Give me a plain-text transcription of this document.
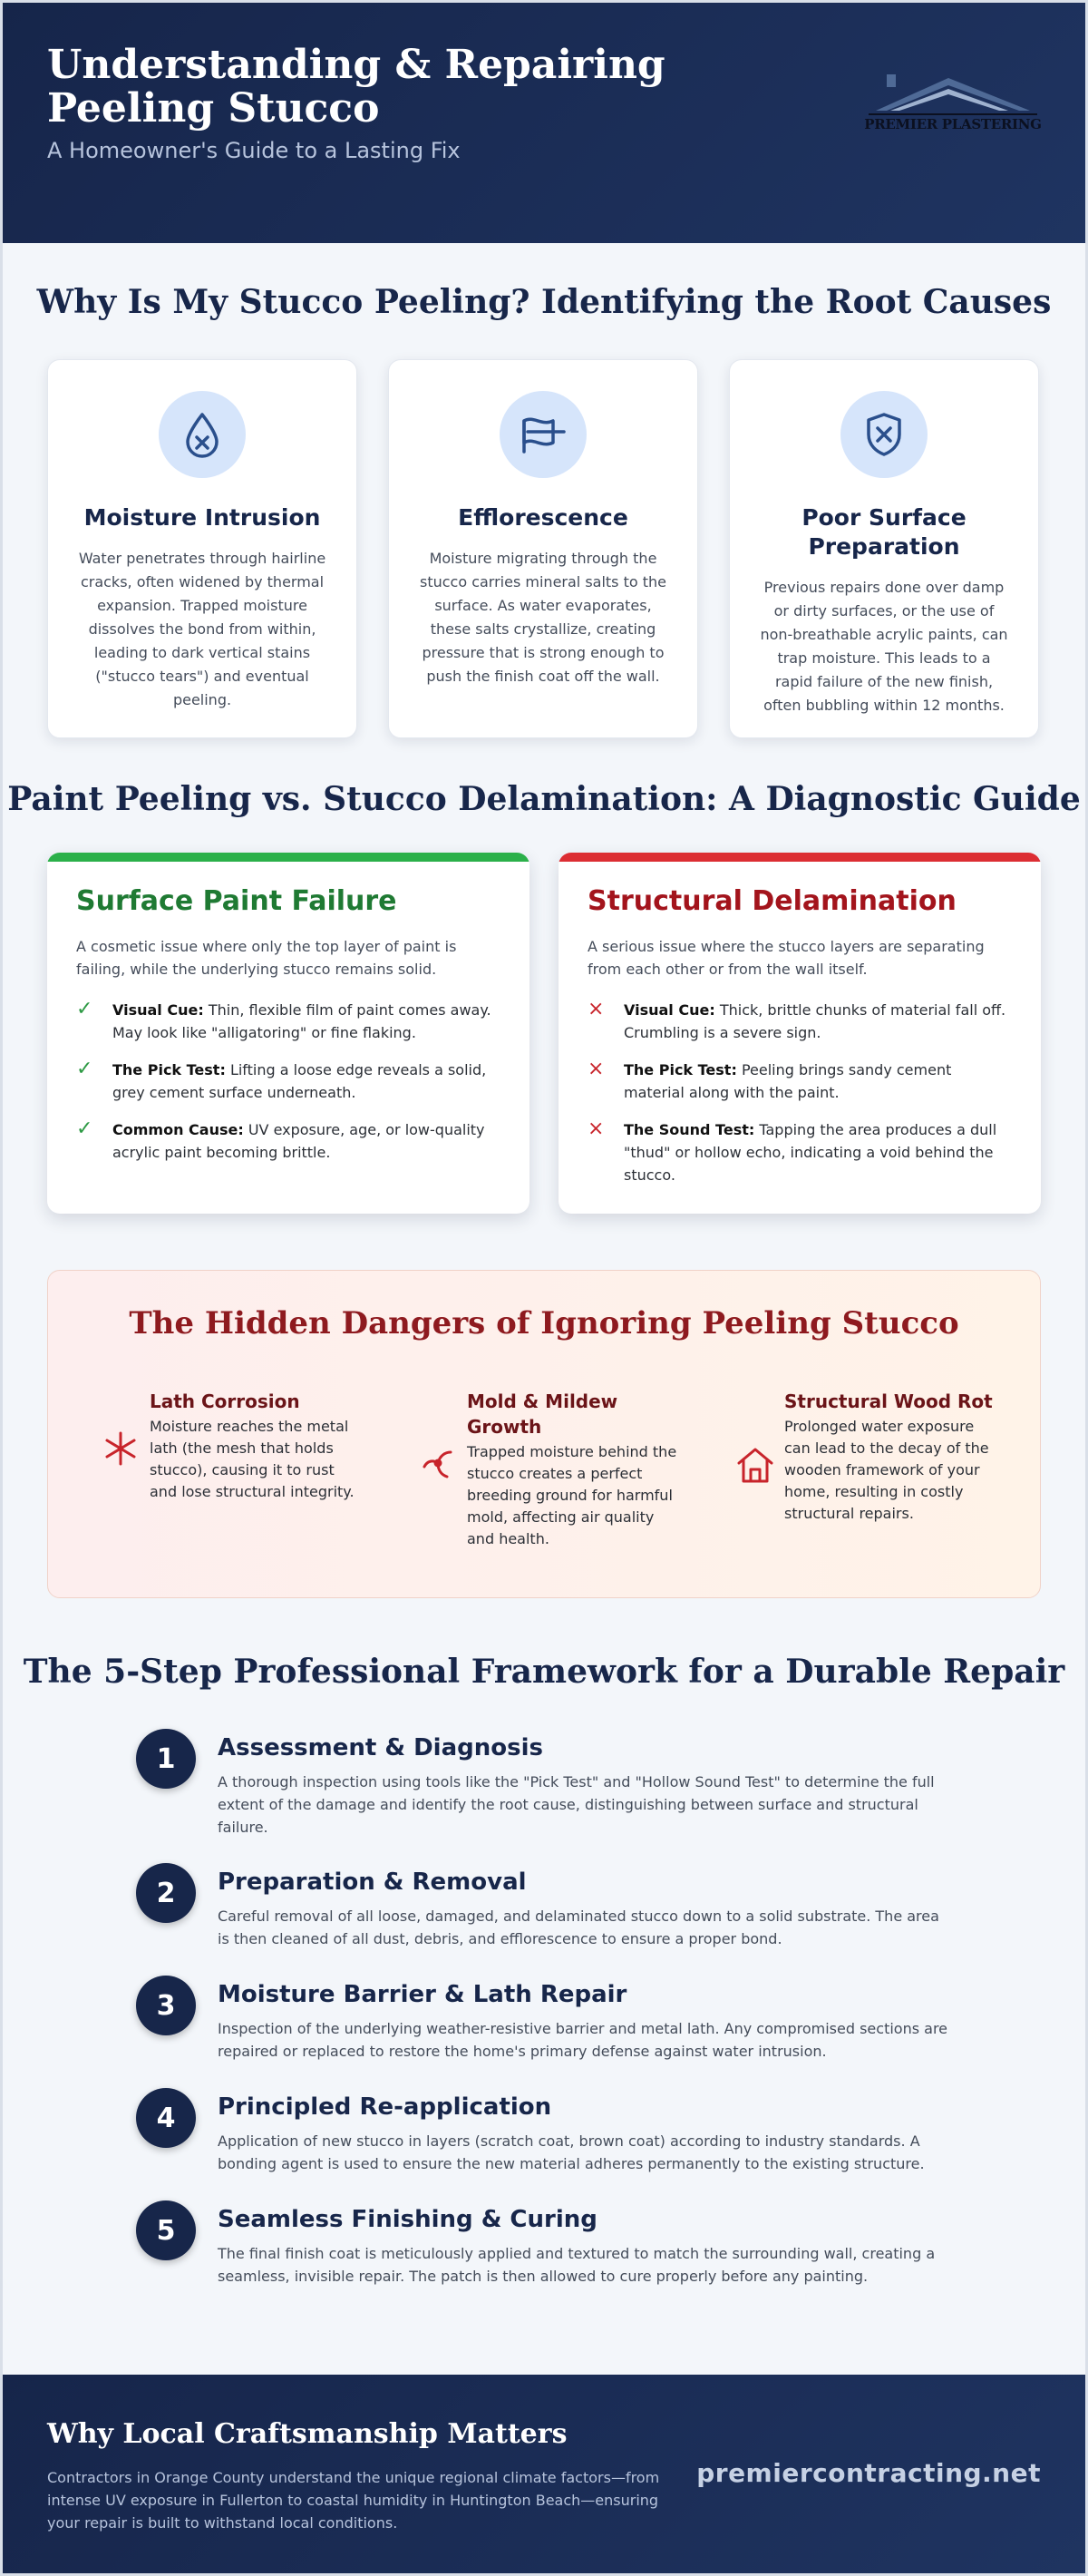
Understanding & Repairing Peeling Stucco
A Homeowner's Guide to a Lasting Fix
PREMIER PLASTERING
Why Is My Stucco Peeling? Identifying the Root Causes
Moisture Intrusion

Water penetrates through hairline cracks, often widened by thermal expansion. Trapped moisture dissolves the bond from within, leading to dark vertical stains ("stucco tears") and eventual peeling.

Efflorescence

Moisture migrating through the stucco carries mineral salts to the surface. As water evaporates, these salts crystallize, creating pressure that is strong enough to push the finish coat off the wall.

Poor Surface Preparation

Previous repairs done over damp or dirty surfaces, or the use of non-breathable acrylic paints, can trap moisture. This leads to a rapid failure of the new finish, often bubbling within 12 months.

Paint Peeling vs. Stucco Delamination: A Diagnostic Guide
Surface Paint Failure

A cosmetic issue where only the top layer of paint is failing, while the underlying stucco remains solid.

✓	Visual Cue: Thin, flexible film of paint comes away. May look like "alligatoring" or fine flaking.
✓	The Pick Test: Lifting a loose edge reveals a solid, grey cement surface underneath.
✓	Common Cause: UV exposure, age, or low-quality acrylic paint becoming brittle.
Structural Delamination

A serious issue where the stucco layers are separating from each other or from the wall itself.

×	Visual Cue: Thick, brittle chunks of material fall off. Crumbling is a severe sign.
×	The Pick Test: Peeling brings sandy cement material along with the paint.
×	The Sound Test: Tapping the area produces a dull "thud" or hollow echo, indicating a void behind the stucco.
The Hidden Dangers of Ignoring Peeling Stucco
Lath Corrosion

Moisture reaches the metal lath (the mesh that holds stucco), causing it to rust and lose structural integrity.

Mold & Mildew Growth

Trapped moisture behind the stucco creates a perfect breeding ground for harmful mold, affecting air quality and health.

Structural Wood Rot

Prolonged water exposure can lead to the decay of the wooden framework of your home, resulting in costly structural repairs.

The 5-Step Professional Framework for a Durable Repair
1	Assessment & Diagnosis

A thorough inspection using tools like the "Pick Test" and "Hollow Sound Test" to determine the full extent of the damage and identify the root cause, distinguishing between surface and structural failure.

2	Preparation & Removal

Careful removal of all loose, damaged, and delaminated stucco down to a solid substrate. The area is then cleaned of all dust, debris, and efflorescence to ensure a proper bond.

3	Moisture Barrier & Lath Repair

Inspection of the underlying weather-resistive barrier and metal lath. Any compromised sections are repaired or replaced to restore the home's primary defense against water intrusion.

4	Principled Re-application

Application of new stucco in layers (scratch coat, brown coat) according to industry standards. A bonding agent is used to ensure the new material adheres permanently to the existing structure.

5	Seamless Finishing & Curing

The final finish coat is meticulously applied and textured to match the surrounding wall, creating a seamless, invisible repair. The patch is then allowed to cure properly before any painting.

Why Local Craftsmanship Matters

Contractors in Orange County understand the unique regional climate factors—from intense UV exposure in Fullerton to coastal humidity in Huntington Beach—ensuring your repair is built to withstand local conditions.

premiercontracting.net
